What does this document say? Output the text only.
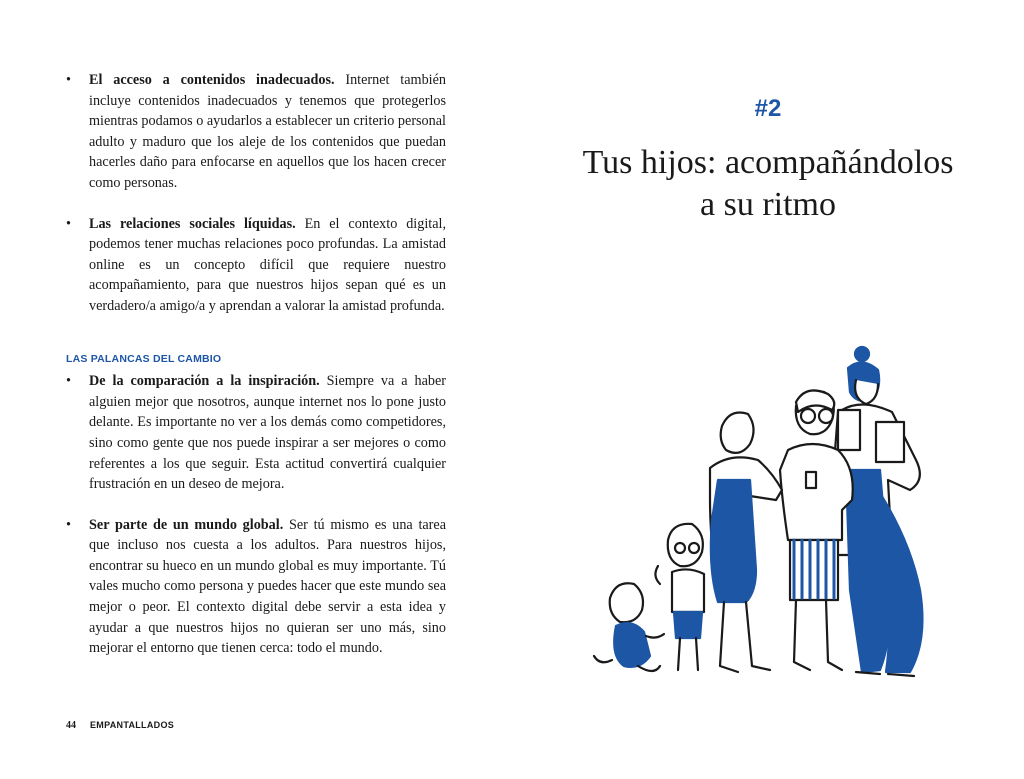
• El acceso a contenidos inadecuados. Internet también incluye contenidos inadecuados y tenemos que protegerlos mientras podamos o ayudarlos a establecer un criterio personal adulto y maduro que los aleje de los contenidos que puedan hacerles daño para enfocarse en aquellos que los hacen crecer como personas.

• Las relaciones sociales líquidas. En el contexto digital, podemos tener muchas relaciones poco profundas. La amistad online es un concepto difícil que requiere nuestro acompañamiento, para que nuestros hijos sepan qué es un verdadero/a amigo/a y aprendan a valorar la amistad profunda.

LAS PALANCAS DEL CAMBIO

• De la comparación a la inspiración. Siempre va a haber alguien mejor que nosotros, aunque internet nos lo pone justo delante. Es importante no ver a los demás como competidores, sino como gente que nos puede inspirar a ser mejores o como referentes a los que seguir. Esta actitud convertirá cualquier frustración en un deseo de mejora.

• Ser parte de un mundo global. Ser tú mismo es una tarea que incluso nos cuesta a los adultos. Para nuestros hijos, encontrar su hueco en un mundo global es muy importante. Tú vales mucho como persona y puedes hacer que este mundo sea mejor o peor. El contexto digital debe servir a esta idea y ayudar a que nuestros hijos no quieran ser uno más, sino mejorar el entorno que tienen cerca: todo el mundo.

44 EMPANTALLADOS
#2
Tus hijos: acompañándolos
a su ritmo
